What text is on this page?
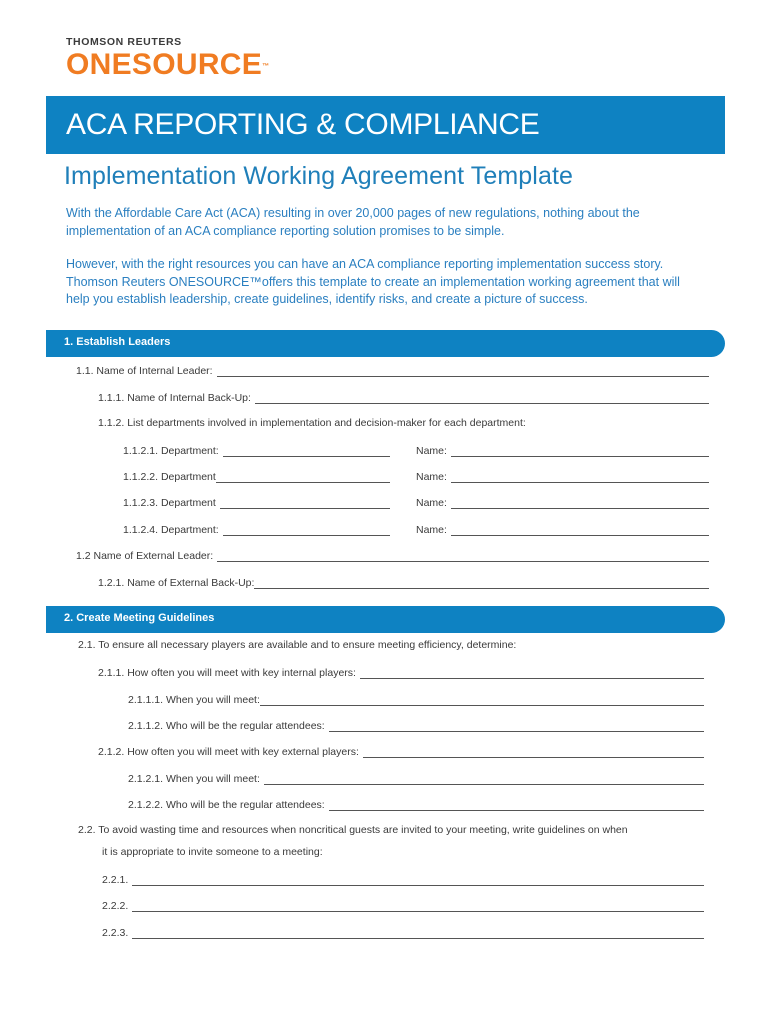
THOMSON REUTERS
ONESOURCE™
ACA REPORTING & COMPLIANCE
Implementation Working Agreement Template
With the Affordable Care Act (ACA) resulting in over 20,000 pages of new regulations, nothing about the implementation of an ACA compliance reporting solution promises to be simple.
However, with the right resources you can have an ACA compliance reporting implementation success story. Thomson Reuters ONESOURCE™offers this template to create an implementation working agreement that will help you establish leadership, create guidelines, identify risks, and create a picture of success.
1. Establish Leaders
1.1. Name of Internal Leader:
1.1.1. Name of Internal Back-Up:
1.1.2. List departments involved in implementation and decision-maker for each department:
1.1.2.1. Department:	Name:
1.1.2.2. Department	Name:
1.1.2.3. Department	Name:
1.1.2.4. Department:	Name:
1.2 Name of External Leader:
1.2.1. Name of External Back-Up:
2. Create Meeting Guidelines
2.1. To ensure all necessary players are available and to ensure meeting efficiency, determine:
2.1.1. How often you will meet with key internal players:
2.1.1.1. When you will meet:
2.1.1.2. Who will be the regular attendees:
2.1.2. How often you will meet with key external players:
2.1.2.1. When you will meet:
2.1.2.2. Who will be the regular attendees:
2.2. To avoid wasting time and resources when noncritical guests are invited to your meeting, write guidelines on when
it is appropriate to invite someone to a meeting:
2.2.1.
2.2.2.
2.2.3.
